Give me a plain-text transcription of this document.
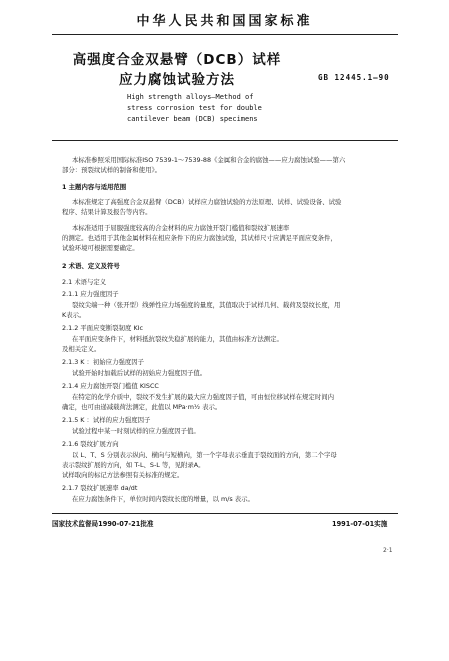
中华人民共和国国家标准
高强度合金双悬臂（DCB）试样
应力腐蚀试验方法	GB 12445.1—90
High strength alloys—Method of
stress corrosion test for double
cantilever beam (DCB) specimens
本标准参照采用国际标准ISO 7539-1～7539-88《金属和合金的腐蚀——应力腐蚀试验——第六
部分：预裂纹试样的制备和使用》。
1 主题内容与适用范围
本标准规定了高强度合金双悬臂（DCB）试样应力腐蚀试验的方法原理、试样、试验设备、试验
程序、结果计算及报告等内容。
本标准适用于屈服强度较高的合金材料的应力腐蚀开裂门槛值和裂纹扩展速率
的测定。也适用于其他金属材料在相应条件下的应力腐蚀试验，其试样尺寸应满足平面应变条件，
试验环境可根据需要确定。
2 术语、定义及符号
2.1 术语与定义
2.1.1 应力强度因子
裂纹尖端一种（张开型）线弹性应力场强度的量度，其值取决于试样几何、载荷及裂纹长度，用
K表示。
2.1.2 平面应变断裂韧度 KIc
在平面应变条件下，材料抵抗裂纹失稳扩展的能力，其值由标准方法测定。
及相关定义。
2.1.3 K ：初始应力强度因子
试验开始时加载后试样的初始应力强度因子值。
2.1.4 应力腐蚀开裂门槛值 KISCC
在特定的化学介质中，裂纹不发生扩展的最大应力强度因子值，可由恒位移试样在规定时间内
确定，也可由递减载荷法测定，此值以 MPa·m½ 表示。
2.1.5 K ：试样的应力强度因子
试验过程中某一时刻试样的应力强度因子值。
2.1.6 裂纹扩展方向
以 L、T、S 分别表示纵向、横向与短横向，第一个字母表示垂直于裂纹面的方向，第二个字母
表示裂纹扩展的方向，如 T-L、S-L 等，见附录A。
试样取向的标记方法参照有关标准的规定。
2.1.7 裂纹扩展速率 da/dt
在应力腐蚀条件下，单位时间内裂纹长度的增量，以 m/s 表示。
国家技术监督局1990-07-21批准	1991-07-01实施
2·1
